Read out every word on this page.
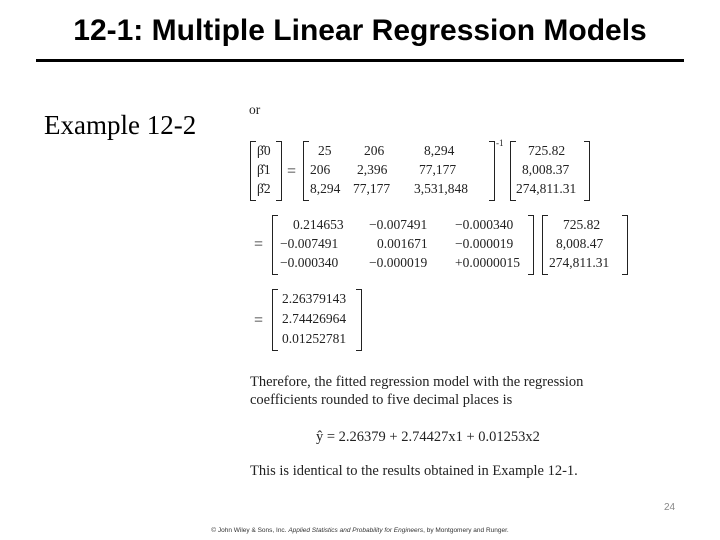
12-1: Multiple Linear Regression Models
Example 12-2
or
β̂0
β̂1
β̂2
=
25 206	8,294
206 2,396 77,177
8,294 77,177 3,531,848
-1 725.82
8,008.37
274,811.31
=
0.214653 −0.007491 −0.000340
−0.007491	0.001671 −0.000019
−0.000340 −0.000019 +0.0000015
725.82
8,008.47
274,811.31
=
2.26379143
2.74426964
0.01252781
Therefore, the fitted regression model with the regression
coefficients rounded to five decimal places is
ŷ = 2.26379 + 2.74427x1 + 0.01253x2
This is identical to the results obtained in Example 12-1.
24
© John Wiley & Sons, Inc. Applied Statistics and Probability for Engineers, by Montgomery and Runger.
